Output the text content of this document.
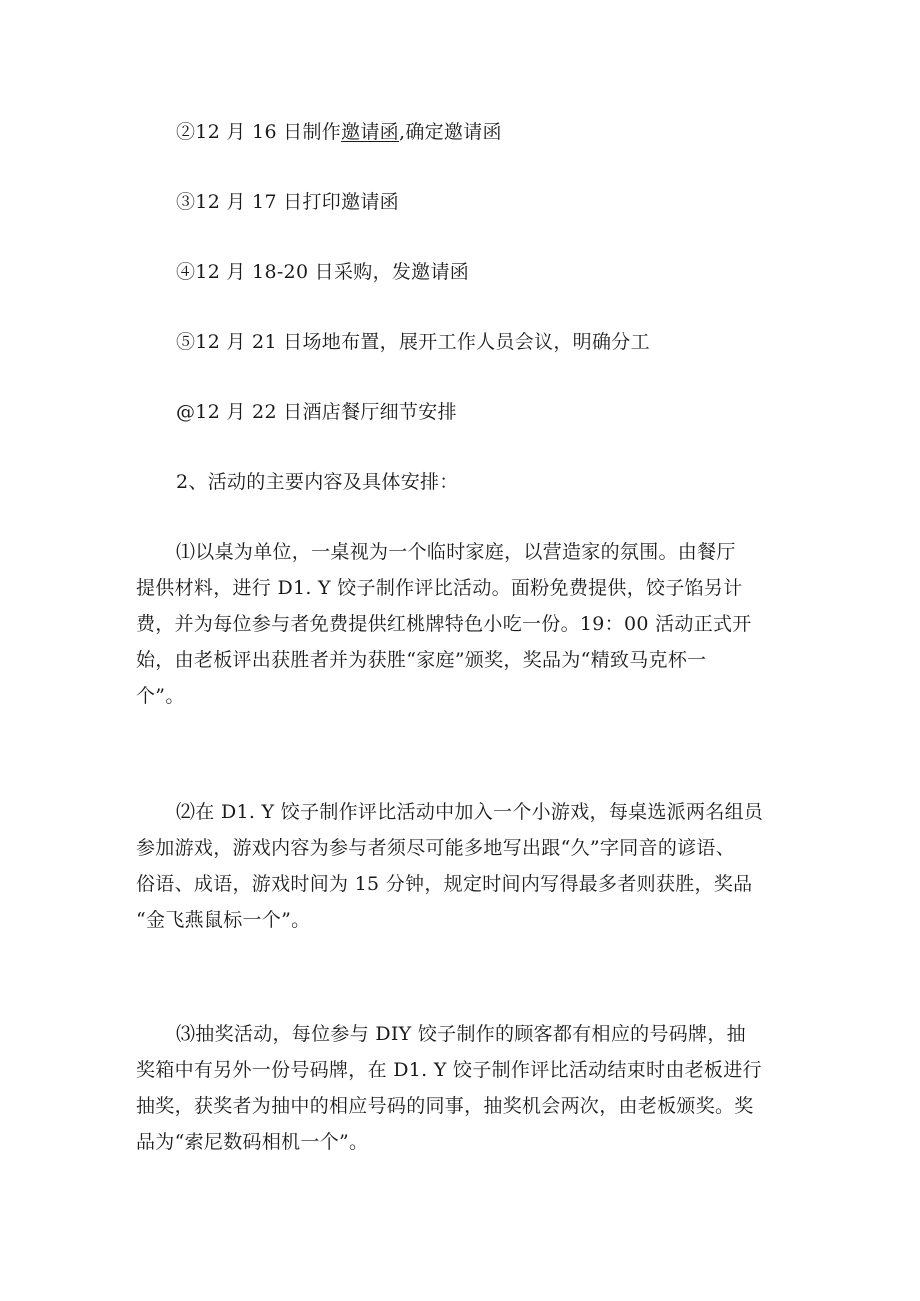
②12 月 16 日制作邀请函,确定邀请函
③12 月 17 日打印邀请函
④12 月 18-20 日采购，发邀请函
⑤12 月 21 日场地布置，展开工作人员会议，明确分工
@12 月 22 日酒店餐厅细节安排
2、活动的主要内容及具体安排：
⑴以桌为单位，一桌视为一个临时家庭，以营造家的氛围。由餐厅
提供材料，进行 D1. Y 饺子制作评比活动。面粉免费提供，饺子馅另计
费，并为每位参与者免费提供红桃牌特色小吃一份。19：00 活动正式开
始，由老板评出获胜者并为获胜“家庭”颁奖，奖品为“精致马克杯一
个”。
⑵在 D1. Y 饺子制作评比活动中加入一个小游戏，每桌选派两名组员
参加游戏，游戏内容为参与者须尽可能多地写出跟“久”字同音的谚语、
俗语、成语，游戏时间为 15 分钟，规定时间内写得最多者则获胜，奖品
“金飞燕鼠标一个”。
⑶抽奖活动，每位参与 DIY 饺子制作的顾客都有相应的号码牌，抽
奖箱中有另外一份号码牌，在 D1. Y 饺子制作评比活动结束时由老板进行
抽奖，获奖者为抽中的相应号码的同事，抽奖机会两次，由老板颁奖。奖
品为“索尼数码相机一个”。
